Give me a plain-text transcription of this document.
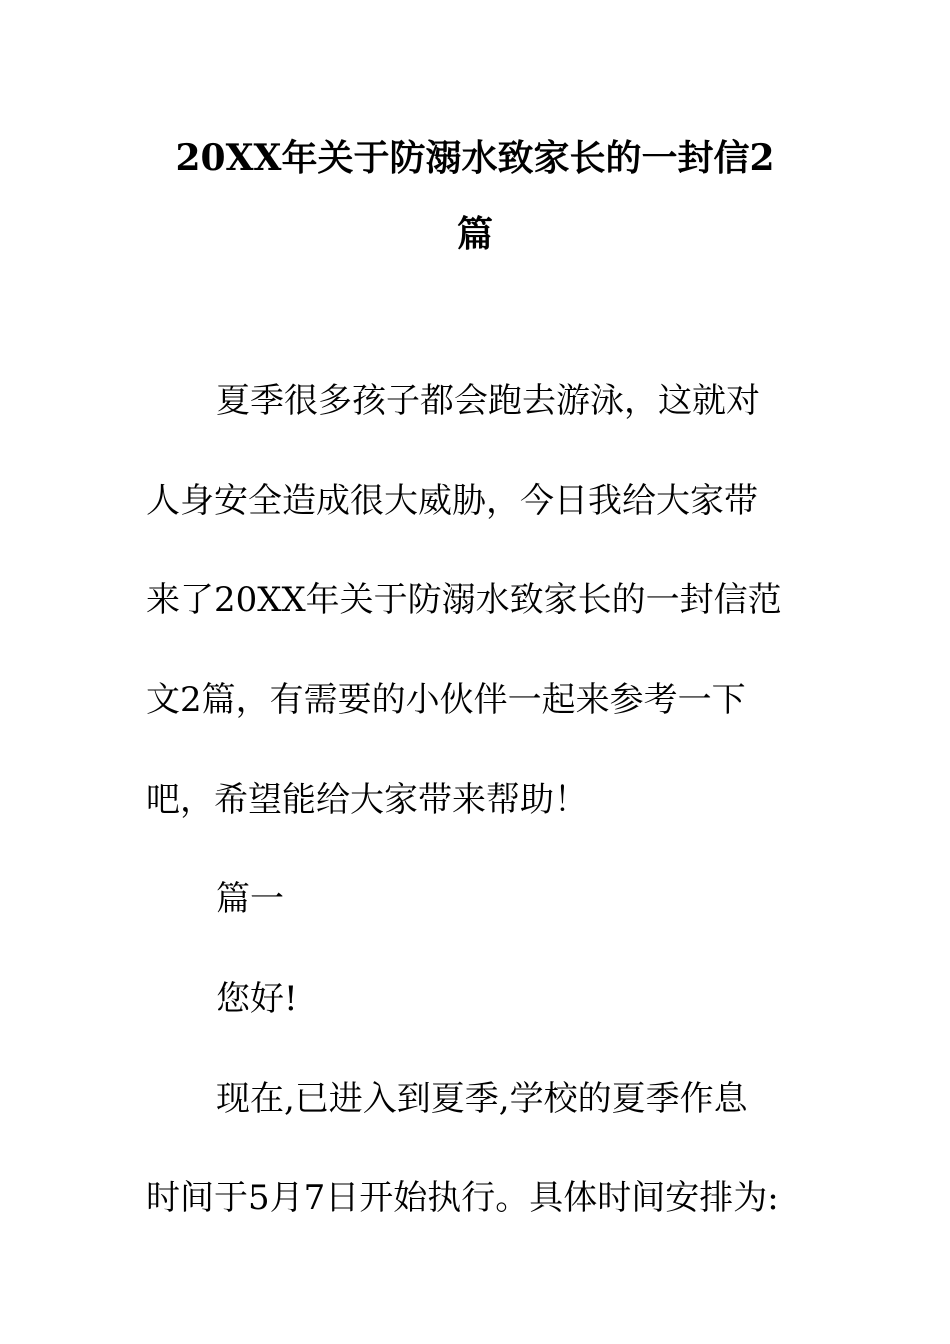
20XX年关于防溺水致家长的一封信2
篇
夏季很多孩子都会跑去游泳，这就对
人身安全造成很大威胁，今日我给大家带
来了20XX年关于防溺水致家长的一封信范
文2篇，有需要的小伙伴一起来参考一下
吧，希望能给大家带来帮助！
篇一
您好!
现在,已进入到夏季,学校的夏季作息
时间于5月7日开始执行。具体时间安排为:
